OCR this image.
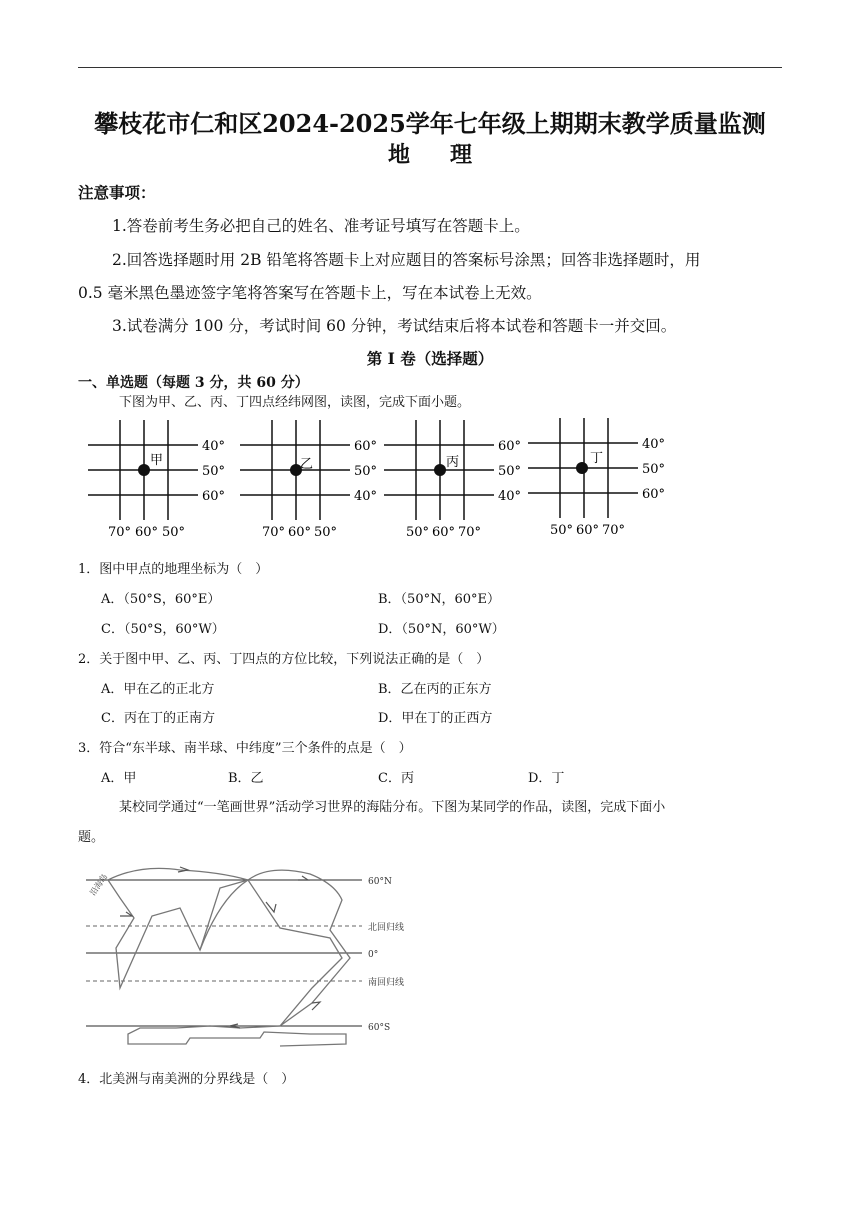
攀枝花市仁和区2024-2025学年七年级上期期末教学质量监测
地 理
注意事项：
1.答卷前考生务必把自己的姓名、准考证号填写在答题卡上。
2.回答选择题时用 2B 铅笔将答题卡上对应题目的答案标号涂黑；回答非选择题时，用
0.5 毫米黑色墨迹签字笔将答案写在答题卡上，写在本试卷上无效。
3.试卷满分 100 分，考试时间 60 分钟，考试结束后将本试卷和答题卡一并交回。
第 I 卷（选择题）
一、单选题（每题 3 分，共 60 分）
下图为甲、乙、丙、丁四点经纬网图，读图，完成下面小题。
甲
40°
50°
60°
70° 60° 50°
乙
60°
50°
40°
70° 60° 50°
丙
60°
50°
40°
50° 60° 70°
丁
40°
50°
60°
50° 60° 70°
1．图中甲点的地理坐标为（　）
A．（50°S，60°E）	B．（50°N，60°E）
C．（50°S，60°W）	D．（50°N，60°W）
2．关于图中甲、乙、丙、丁四点的方位比较，下列说法正确的是（　）
A．甲在乙的正北方	B．乙在丙的正东方
C．丙在丁的正南方	D．甲在丁的正西方
3．符合“东半球、南半球、中纬度”三个条件的点是（　）
A．甲	B．乙	C．丙	D．丁
某校同学通过“一笔画世界”活动学习世界的海陆分布。下图为某同学的作品，读图，完成下面小
题。
60°N
北回归线
0°
南回归线
60°S
沿海岛
4．北美洲与南美洲的分界线是（　）
